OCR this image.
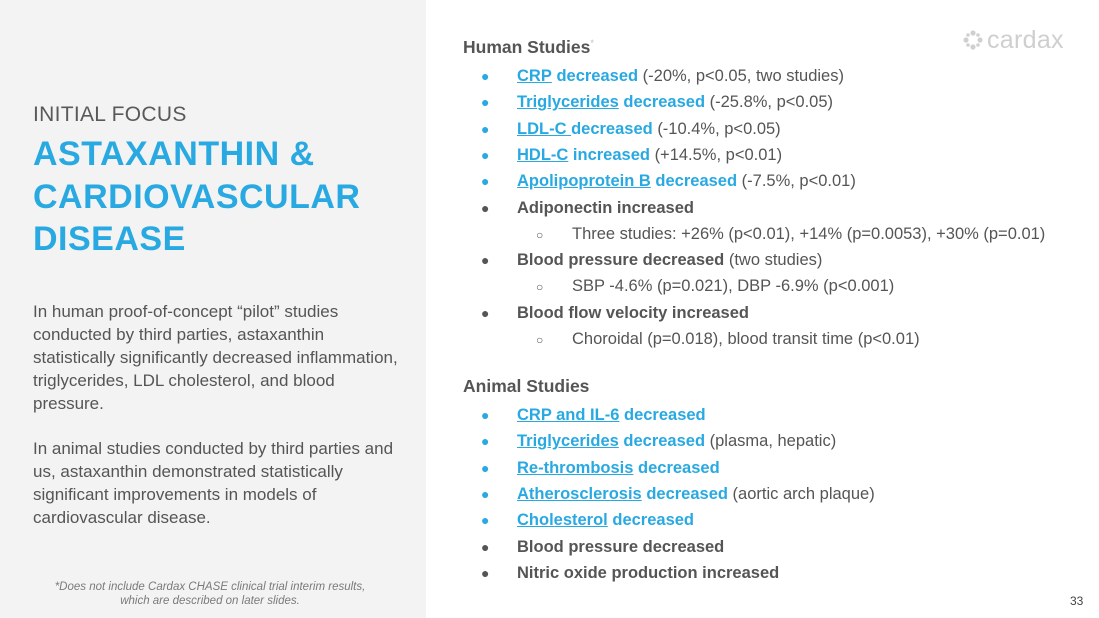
INITIAL FOCUS
ASTAXANTHIN &
CARDIOVASCULAR
DISEASE
In human proof-of-concept “pilot” studies conducted by third parties, astaxanthin statistically significantly decreased inflammation, triglycerides, LDL cholesterol, and blood pressure.
In animal studies conducted by third parties and us, astaxanthin demonstrated statistically significant improvements in models of cardiovascular disease.
*Does not include Cardax CHASE clinical trial interim results,
which are described on later slides.
cardax
Human Studies*
● CRP decreased (-20%, p<0.05, two studies)
● Triglycerides decreased (-25.8%, p<0.05)
● LDL-C decreased (-10.4%, p<0.05)
● HDL-C increased (+14.5%, p<0.01)
● Apolipoprotein B decreased (-7.5%, p<0.01)
● Adiponectin increased
○ Three studies: +26% (p<0.01), +14% (p=0.0053), +30% (p=0.01)
● Blood pressure decreased (two studies)
○ SBP -4.6% (p=0.021), DBP -6.9% (p<0.001)
● Blood flow velocity increased
○ Choroidal (p=0.018), blood transit time (p<0.01)
Animal Studies
● CRP and IL-6 decreased
● Triglycerides decreased (plasma, hepatic)
● Re-thrombosis decreased
● Atherosclerosis decreased (aortic arch plaque)
● Cholesterol decreased
● Blood pressure decreased
● Nitric oxide production increased
33
